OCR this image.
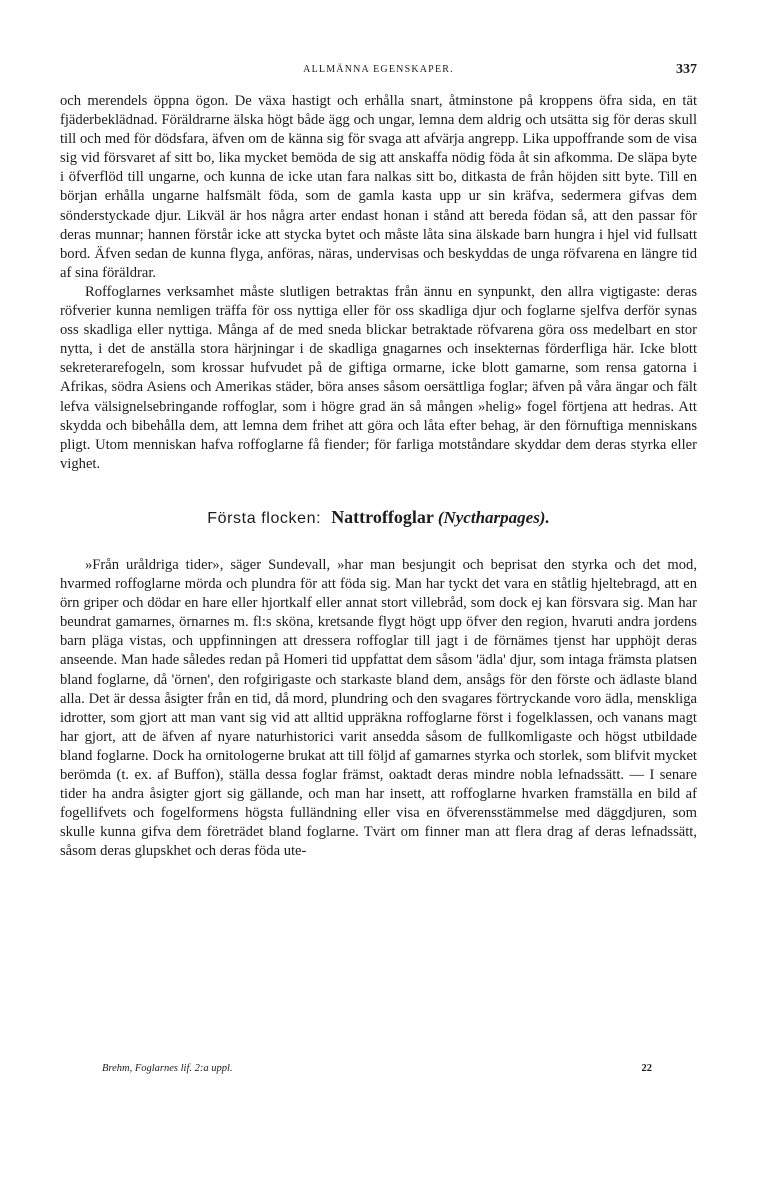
ALLMÄNNA EGENSKAPER.	337

och merendels öppna ögon. De växa hastigt och erhålla snart, åtminstone på kroppens öfra sida, en tät fjäderbeklädnad. Föräldrarne älska högt både ägg och ungar, lemna dem aldrig och utsätta sig för deras skull till och med för dödsfara, äfven om de känna sig för svaga att afvärja angrepp. Lika uppoffrande som de visa sig vid försvaret af sitt bo, lika mycket bemöda de sig att anskaffa nödig föda åt sin afkomma. De släpa byte i öfverflöd till ungarne, och kunna de icke utan fara nalkas sitt bo, ditkasta de från höjden sitt byte. Till en början erhålla ungarne halfsmält föda, som de gamla kasta upp ur sin kräfva, sedermera gifvas dem sönderstyckade djur. Likväl är hos några arter endast honan i stånd att bereda födan så, att den passar för deras munnar; hannen förstår icke att stycka bytet och måste låta sina älskade barn hungra i hjel vid fullsatt bord. Äfven sedan de kunna flyga, anföras, näras, undervisas och beskyddas de unga röfvarena en längre tid af sina föräldrar.

Roffoglarnes verksamhet måste slutligen betraktas från ännu en synpunkt, den allra vigtigaste: deras röfverier kunna nemligen träffa för oss nyttiga eller för oss skadliga djur och foglarne sjelfva derför synas oss skadliga eller nyttiga. Många af de med sneda blickar betraktade röfvarena göra oss medelbart en stor nytta, i det de anställa stora härjningar i de skadliga gnagarnes och insekternas förderfliga här. Icke blott sekreterarefogeln, som krossar hufvudet på de giftiga ormarne, icke blott gamarne, som rensa gatorna i Afrikas, södra Asiens och Amerikas städer, böra anses såsom oersättliga foglar; äfven på våra ängar och fält lefva välsignelsebringande roffoglar, som i högre grad än så mången »helig» fogel förtjena att hedras. Att skydda och bibehålla dem, att lemna dem frihet att göra och låta efter behag, är den förnuftiga menniskans pligt. Utom menniskan hafva roffoglarne få fiender; för farliga motståndare skyddar dem deras styrka eller vighet.

Första flocken: Nattroffoglar (Nyctharpages).

»Från uråldriga tider», säger Sundevall, »har man besjungit och beprisat den styrka och det mod, hvarmed roffoglarne mörda och plundra för att föda sig. Man har tyckt det vara en ståtlig hjeltebragd, att en örn griper och dödar en hare eller hjortkalf eller annat stort villebråd, som dock ej kan försvara sig. Man har beundrat gamarnes, örnarnes m. fl:s sköna, kretsande flygt högt upp öfver den region, hvaruti andra jordens barn pläga vistas, och uppfinningen att dressera roffoglar till jagt i de förnämes tjenst har upphöjt deras anseende. Man hade således redan på Homeri tid uppfattat dem såsom 'ädla' djur, som intaga främsta platsen bland foglarne, då 'örnen', den rofgirigaste och starkaste bland dem, ansågs för den förste och ädlaste bland alla. Det är dessa åsigter från en tid, då mord, plundring och den svagares förtryckande voro ädla, menskliga idrotter, som gjort att man vant sig vid att alltid uppräkna roffoglarne först i fogelklassen, och vanans magt har gjort, att de äfven af nyare naturhistorici varit ansedda såsom de fullkomligaste och högst utbildade bland foglarne. Dock ha ornitologerne brukat att till följd af gamarnes styrka och storlek, som blifvit mycket berömda (t. ex. af Buffon), ställa dessa foglar främst, oaktadt deras mindre nobla lefnadssätt. — I senare tider ha andra åsigter gjort sig gällande, och man har insett, att roffoglarne hvarken framställa en bild af fogellifvets och fogelformens högsta fulländning eller visa en öfverensstämmelse med däggdjuren, som skulle kunna gifva dem företrädet bland foglarne. Tvärt om finner man att flera drag af deras lefnadssätt, såsom deras glupskhet och deras föda ute-

Brehm, Foglarnes lif. 2:a uppl.	22
